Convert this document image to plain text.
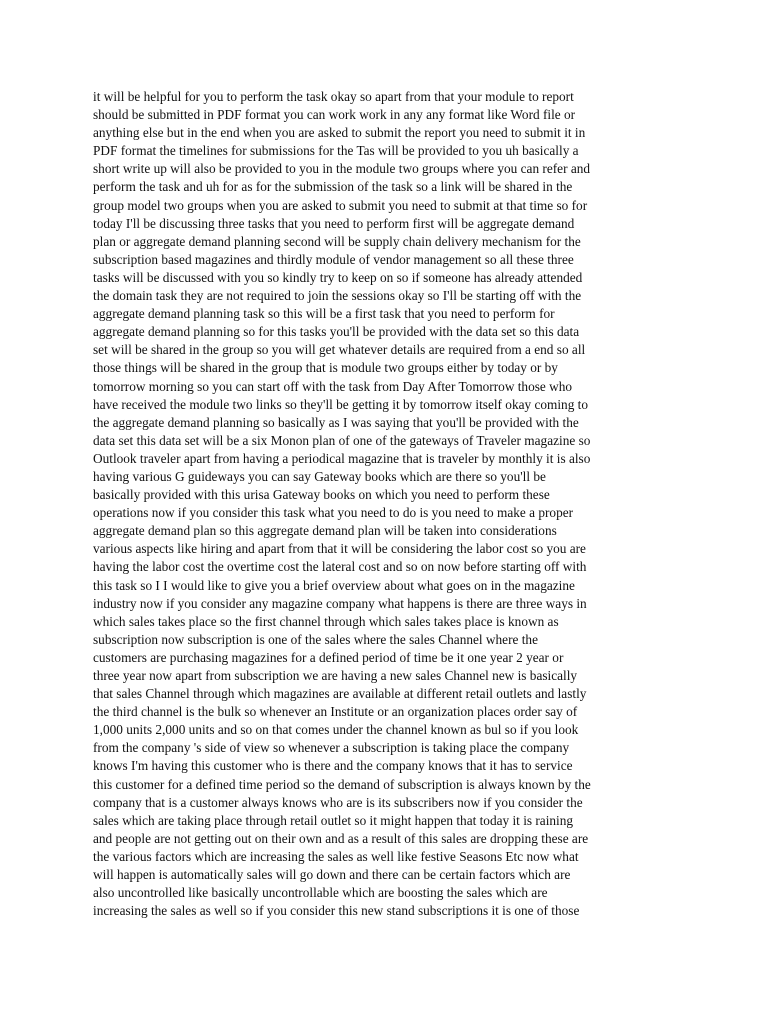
it will be helpful for you to perform the task okay so apart from that your module to report
should be submitted in PDF format you can work work in any any format like Word file or
anything else but in the end when you are asked to submit the report you need to submit it in
PDF format the timelines for submissions for the Tas will be provided to you uh basically a
short write up will also be provided to you in the module two groups where you can refer and
perform the task and uh for as for the submission of the task so a link will be shared in the
group model two groups when you are asked to submit you need to submit at that time so for
today I'll be discussing three tasks that you need to perform first will be aggregate demand
plan or aggregate demand planning second will be supply chain delivery mechanism for the
subscription based magazines and thirdly module of vendor management so all these three
tasks will be discussed with you so kindly try to keep on so if someone has already attended
the domain task they are not required to join the sessions okay so I'll be starting off with the
aggregate demand planning task so this will be a first task that you need to perform for
aggregate demand planning so for this tasks you'll be provided with the data set so this data
set will be shared in the group so you will get whatever details are required from a end so all
those things will be shared in the group that is module two groups either by today or by
tomorrow morning so you can start off with the task from Day After Tomorrow those who
have received the module two links so they'll be getting it by tomorrow itself okay coming to
the aggregate demand planning so basically as I was saying that you'll be provided with the
data set this data set will be a six Monon plan of one of the gateways of Traveler magazine so
Outlook traveler apart from having a periodical magazine that is traveler by monthly it is also
having various G guideways you can say Gateway books which are there so you'll be
basically provided with this urisa Gateway books on which you need to perform these
operations now if you consider this task what you need to do is you need to make a proper
aggregate demand plan so this aggregate demand plan will be taken into considerations
various aspects like hiring and apart from that it will be considering the labor cost so you are
having the labor cost the overtime cost the lateral cost and so on now before starting off with
this task so I I would like to give you a brief overview about what goes on in the magazine
industry now if you consider any magazine company what happens is there are three ways in
which sales takes place so the first channel through which sales takes place is known as
subscription now subscription is one of the sales where the sales Channel where the
customers are purchasing magazines for a defined period of time be it one year 2 year or
three year now apart from subscription we are having a new sales Channel new is basically
that sales Channel through which magazines are available at different retail outlets and lastly
the third channel is the bulk so whenever an Institute or an organization places order say of
1,000 units 2,000 units and so on that comes under the channel known as bul so if you look
from the company 's side of view so whenever a subscription is taking place the company
knows I'm having this customer who is there and the company knows that it has to service
this customer for a defined time period so the demand of subscription is always known by the
company that is a customer always knows who are is its subscribers now if you consider the
sales which are taking place through retail outlet so it might happen that today it is raining
and people are not getting out on their own and as a result of this sales are dropping these are
the various factors which are increasing the sales as well like festive Seasons Etc now what
will happen is automatically sales will go down and there can be certain factors which are
also uncontrolled like basically uncontrollable which are boosting the sales which are
increasing the sales as well so if you consider this new stand subscriptions it is one of those
